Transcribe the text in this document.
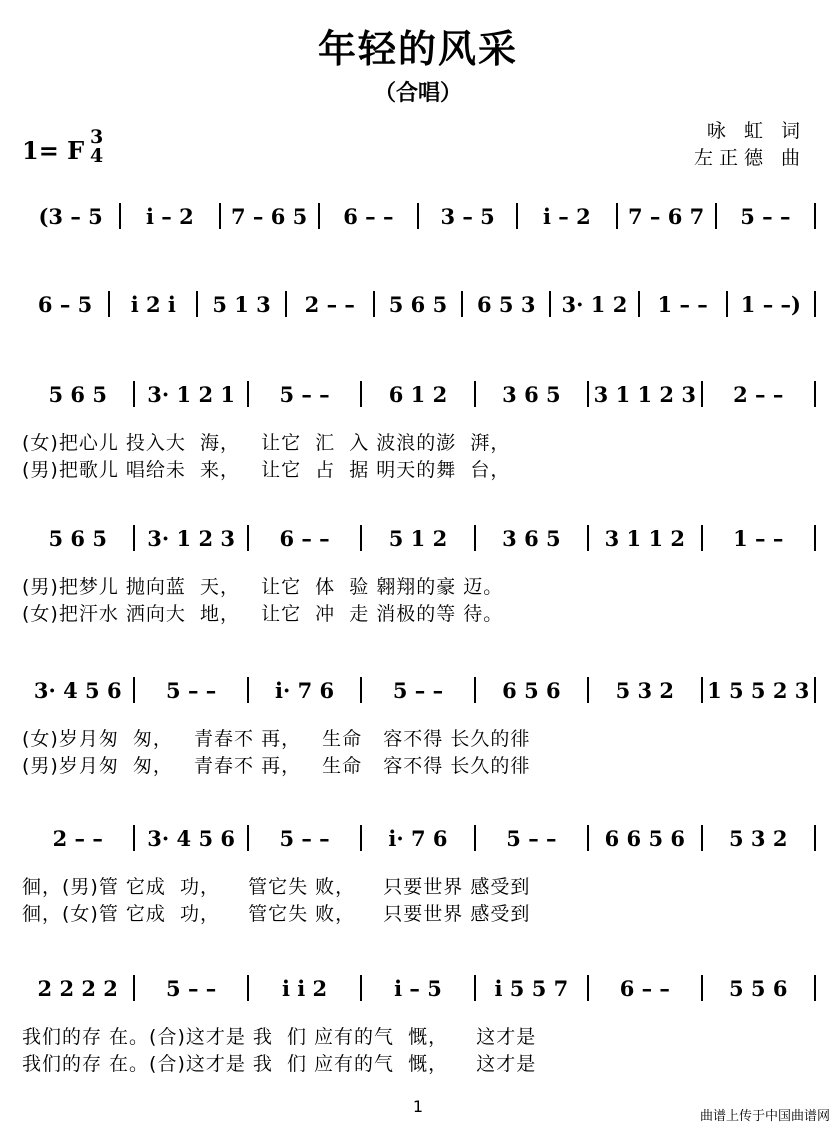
年轻的风采
（合唱）
1= F 3
4
咏 虹 词
左正德 曲
(3 – 5	i – 2	7 – 6 5	6 – –	3 – 5	i – 2	7 – 6 7	5 – –
6 – 5	i 2 i	5 1 3	2 – –	5 6 5	6 5 3	3· 1 2	1 – –	1 – –)
5 6 5	3· 1 2 1	5 – –	6 1 2	3 6 5	3 1 1 2 3	2 – –
(女)把心儿 投入大  海，   让它  汇  入 波浪的澎  湃，
(男)把歌儿 唱给未  来，   让它  占  据 明天的舞  台，
5 6 5	3· 1 2 3	6 – –	5 1 2	3 6 5	3 1 1 2	1 – –
(男)把梦儿 抛向蓝  天，   让它  体  验 翱翔的豪 迈。
(女)把汗水 洒向大  地，   让它  冲  走 消极的等 待。
3· 4 5 6	5 – –	i· 7 6	5 – –	6 5 6	5 3 2	1 5 5 2 3
(女)岁月匆  匆，   青春不 再，   生命   容不得 长久的徘
(男)岁月匆  匆，   青春不 再，   生命   容不得 长久的徘
2 – –	3· 4 5 6	5 – –	i· 7 6	5 – –	6 6 5 6	5 3 2
徊，(男)管 它成  功，    管它失 败，    只要世界 感受到
徊，(女)管 它成  功，    管它失 败，    只要世界 感受到
2 2 2 2	5 – –	i i 2	i – 5	i 5 5 7	6 – –	5 5 6
我们的存 在。(合)这才是 我  们 应有的气  慨，    这才是
我们的存 在。(合)这才是 我  们 应有的气  慨，    这才是
1
曲谱上传于中国曲谱网
